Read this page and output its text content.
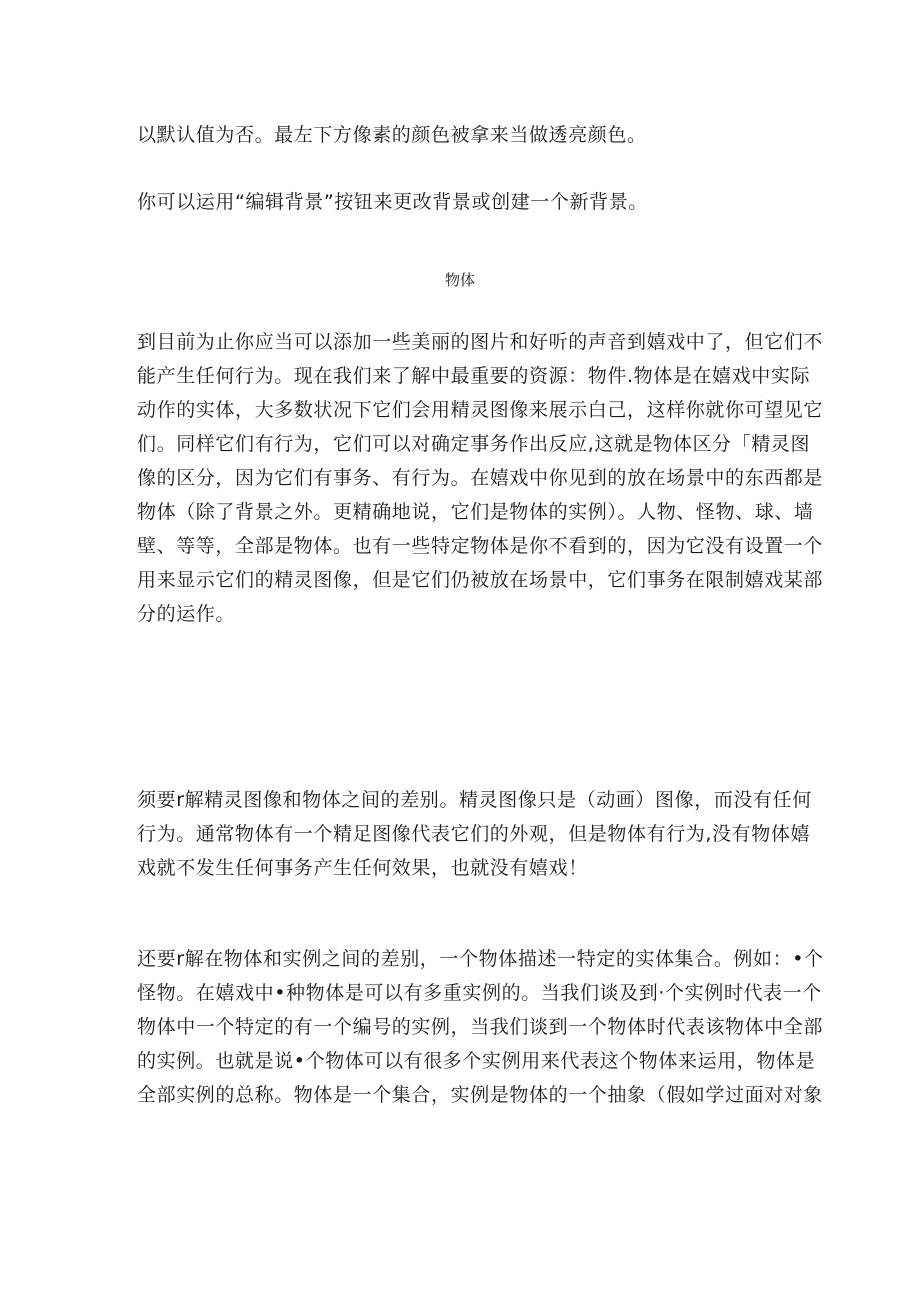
以默认值为否。最左下方像素的颜色被拿来当做透亮颜色。

你可以运用“编辑背景”按钮来更改背景或创建一个新背景。

物体

到目前为止你应当可以添加一些美丽的图片和好听的声音到嬉戏中了，但它们不
能产生任何行为。现在我们来了解中最重要的资源：物件.物体是在嬉戏中实际
动作的实体，大多数状况下它们会用精灵图像来展示白己，这样你就你可望见它
们。同样它们有行为，它们可以对确定事务作出反应,这就是物体区分「精灵图
像的区分，因为它们有事务、有行为。在嬉戏中你见到的放在场景中的东西都是
物体（除了背景之外。更精确地说，它们是物体的实例）。人物、怪物、球、墙
壁、等等，全部是物体。也有一些特定物体是你不看到的，因为它没有设置一个
用来显示它们的精灵图像，但是它们仍被放在场景中，它们事务在限制嬉戏某部
分的运作。

须要r解精灵图像和物体之间的差别。精灵图像只是（动画）图像，而没有任何
行为。通常物体有一个精足图像代表它们的外观，但是物体有行为,没有物体嬉
戏就不发生任何事务产生任何效果，也就没有嬉戏！

还要r解在物体和实例之间的差别，一个物体描述一特定的实体集合。例如：•个
怪物。在嬉戏中•种物体是可以有多重实例的。当我们谈及到·个实例时代表一个
物体中一个特定的有一个编号的实例，当我们谈到一个物体时代表该物体中全部
的实例。也就是说•个物体可以有很多个实例用来代表这个物体来运用，物体是
全部实例的总称。物体是一个集合，实例是物体的一个抽象（假如学过面对对象
